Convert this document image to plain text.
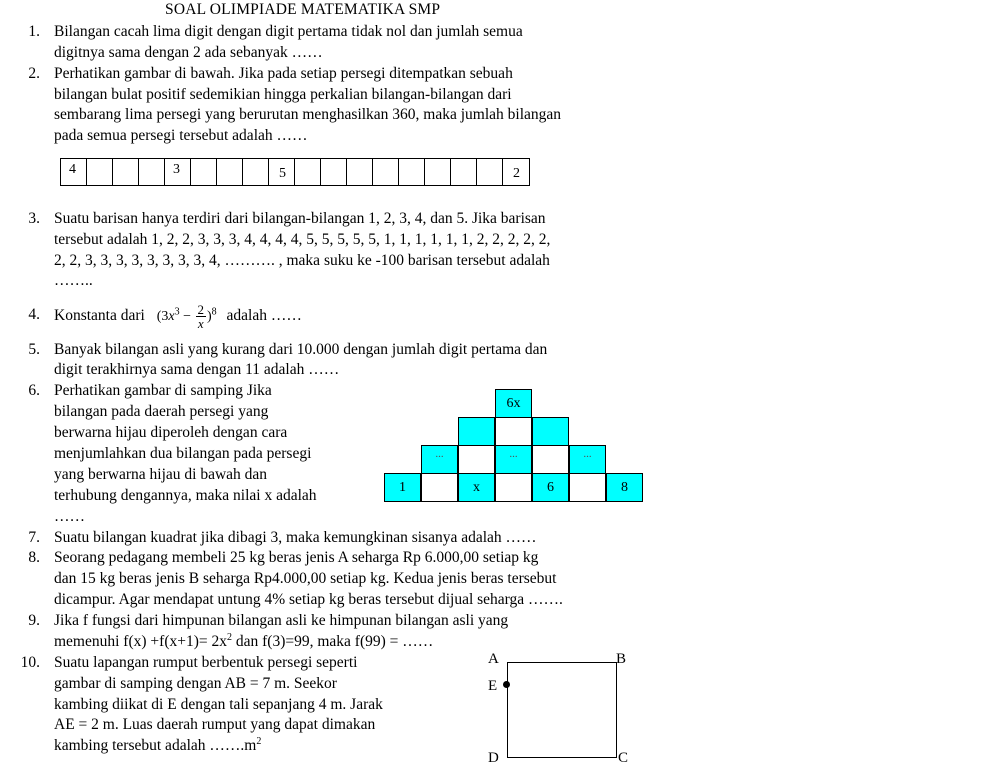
SOAL OLIMPIADE MATEMATIKA SMP
1. Bilangan cacah lima digit dengan digit pertama tidak nol dan jumlah semua
digitnya sama dengan 2 ada sebanyak ……
2. Perhatikan gambar di bawah. Jika pada setiap persegi ditempatkan sebuah
bilangan bulat positif sedemikian hingga perkalian bilangan-bilangan dari
sembarang lima persegi yang berurutan menghasilkan 360, maka jumlah bilangan
pada semua persegi tersebut adalah ……
4	3	5	2
3. Suatu barisan hanya terdiri dari bilangan-bilangan 1, 2, 3, 4, dan 5. Jika barisan
tersebut adalah 1, 2, 2, 3, 3, 3, 4, 4, 4, 4, 5, 5, 5, 5, 5, 1, 1, 1, 1, 1, 1, 2, 2, 2, 2, 2,
2, 2, 3, 3, 3, 3, 3, 3, 3, 3, 4, ………. , maka suku ke -100 barisan tersebut adalah
……..
4. Konstanta dari $(3x^3 - \frac{2}{x} )^8$ adalah ……
5. Banyak bilangan asli yang kurang dari 10.000 dengan jumlah digit pertama dan
digit terakhirnya sama dengan 11 adalah ……
6. Perhatikan gambar di samping Jika
bilangan pada daerah persegi yang
berwarna hijau diperoleh dengan cara
menjumlahkan dua bilangan pada persegi
yang berwarna hijau di bawah dan
terhubung dengannya, maka nilai x adalah
……
6x
...	...	...
1	x	6	8
7. Suatu bilangan kuadrat jika dibagi 3, maka kemungkinan sisanya adalah ……
8. Seorang pedagang membeli 25 kg beras jenis A seharga Rp 6.000,00 setiap kg
dan 15 kg beras jenis B seharga Rp4.000,00 setiap kg. Kedua jenis beras tersebut
dicampur. Agar mendapat untung 4% setiap kg beras tersebut dijual seharga …….
9. Jika f fungsi dari himpunan bilangan asli ke himpunan bilangan asli yang
memenuhi $f(x) +f(x+1)= 2x^2$ dan f(3)=99, maka f(99) = ……
10. Suatu lapangan rumput berbentuk persegi seperti
gambar di samping dengan AB = 7 m. Seekor
kambing diikat di E dengan tali sepanjang 4 m. Jarak
AE = 2 m. Luas daerah rumput yang dapat dimakan
kambing tersebut adalah $\dots\dots.m^2$
A	B
E
D	C
